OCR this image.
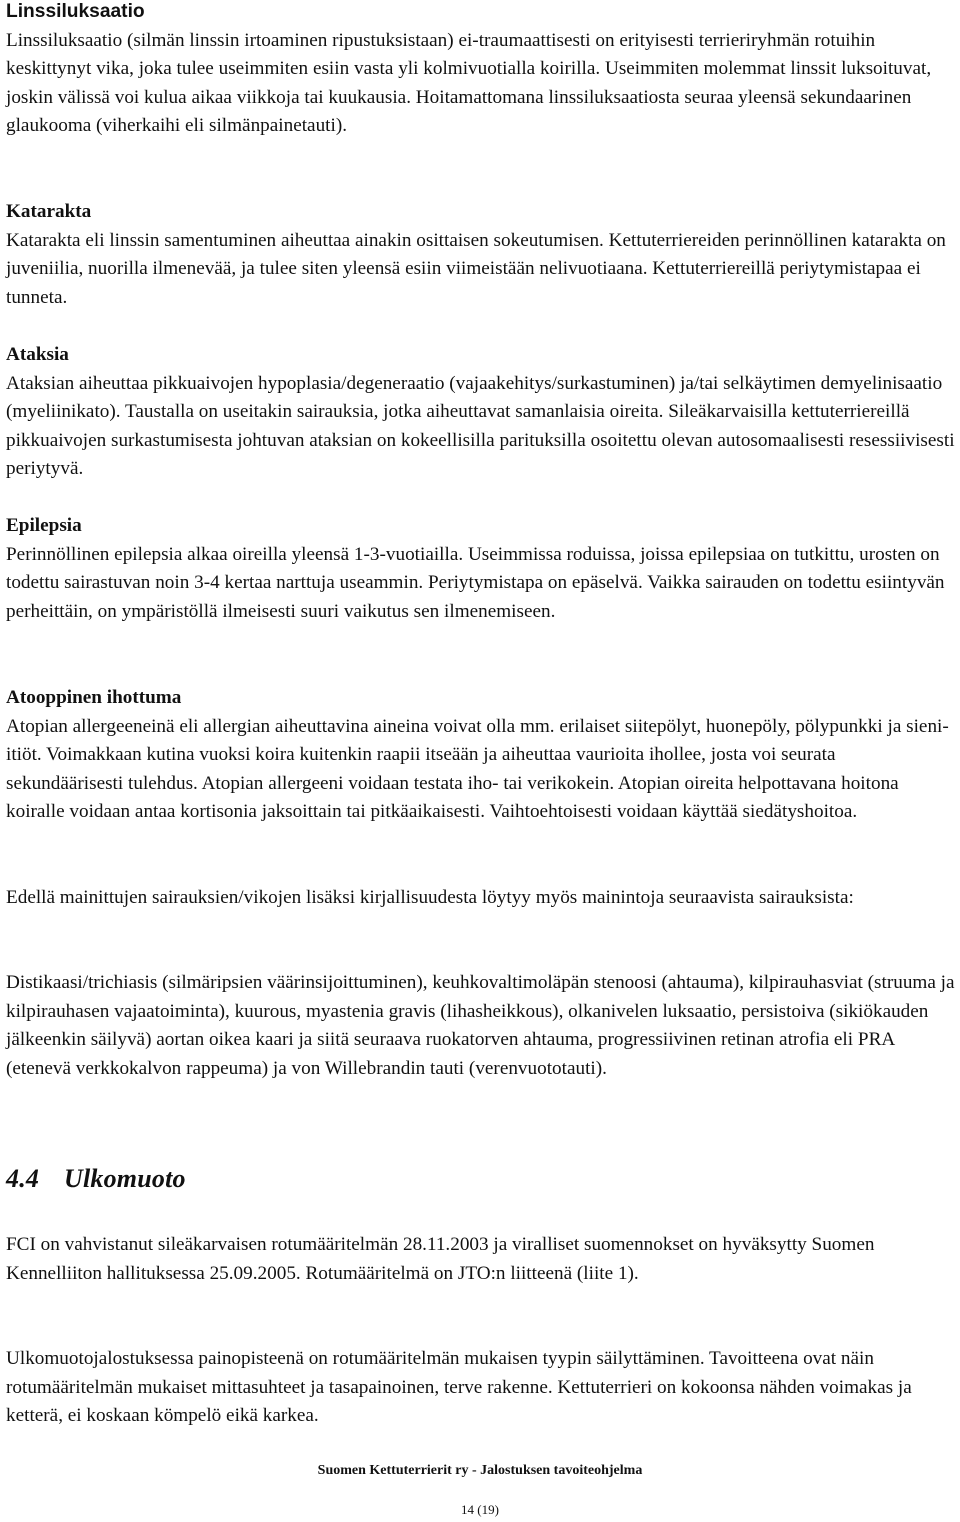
Linssiluksaatio

Linssiluksaatio (silmän linssin irtoaminen ripustuksistaan) ei-traumaattisesti on erityisesti terrieriryhmän rotuihin keskittynyt vika, joka tulee useimmiten esiin vasta yli kolmivuotialla koirilla. Useimmiten molemmat linssit luksoituvat, joskin välissä voi kulua aikaa viikkoja tai kuukausia. Hoitamattomana linssiluksaatiosta seuraa yleensä sekundaarinen glaukooma (viherkaihi eli silmänpainetauti).

Katarakta

Katarakta eli linssin samentuminen aiheuttaa ainakin osittaisen sokeutumisen. Kettuterriereiden perinnöllinen katarakta on juveniilia, nuorilla ilmenevää, ja tulee siten yleensä esiin viimeistään nelivuotiaana. Kettuterriereillä periytymistapaa ei tunneta.

Ataksia

Ataksian aiheuttaa pikkuaivojen hypoplasia/degeneraatio (vajaakehitys/surkastuminen) ja/tai selkäytimen demyelinisaatio (myeliinikato). Taustalla on useitakin sairauksia, jotka aiheuttavat samanlaisia oireita. Sileäkarvaisilla kettuterriereillä pikkuaivojen surkastumisesta johtuvan ataksian on kokeellisilla parituksilla osoitettu olevan autosomaalisesti resessiivisesti periytyvä.

Epilepsia

Perinnöllinen epilepsia alkaa oireilla yleensä 1-3-vuotiailla. Useimmissa roduissa, joissa epilepsiaa on tutkittu, urosten on todettu sairastuvan noin 3-4 kertaa narttuja useammin. Periytymistapa on epäselvä. Vaikka sairauden on todettu esiintyvän perheittäin, on ympäristöllä ilmeisesti suuri vaikutus sen ilmenemiseen.

Atooppinen ihottuma

Atopian allergeeneinä eli allergian aiheuttavina aineina voivat olla mm. erilaiset siitepölyt, huonepöly, pölypunkki ja sieni-itiöt. Voimakkaan kutina vuoksi koira kuitenkin raapii itseään ja aiheuttaa vaurioita ihollee, josta voi seurata sekundäärisesti tulehdus. Atopian allergeeni voidaan testata iho- tai verikokein. Atopian oireita helpottavana hoitona koiralle voidaan antaa kortisonia jaksoittain tai pitkäaikaisesti. Vaihtoehtoisesti voidaan käyttää siedätyshoitoa.

Edellä mainittujen sairauksien/vikojen lisäksi kirjallisuudesta löytyy myös mainintoja seuraavista sairauksista:

Distikaasi/trichiasis (silmäripsien väärinsijoittuminen), keuhkovaltimoläpän stenoosi (ahtauma), kilpirauhasviat (struuma ja kilpirauhasen vajaatoiminta), kuurous, myastenia gravis (lihasheikkous), olkanivelen luksaatio, persistoiva (sikiökauden jälkeenkin säilyvä) aortan oikea kaari ja siitä seuraava ruokatorven ahtauma, progressiivinen retinan atrofia eli PRA (etenevä verkkokalvon rappeuma) ja von Willebrandin tauti (verenvuototauti).

4.4 Ulkomuoto

FCI on vahvistanut sileäkarvaisen rotumääritelmän 28.11.2003 ja viralliset suomennokset on hyväksytty Suomen Kennelliiton hallituksessa 25.09.2005. Rotumääritelmä on JTO:n liitteenä (liite 1).

Ulkomuotojalostuksessa painopisteenä on rotumääritelmän mukaisen tyypin säilyttäminen. Tavoitteena ovat näin rotumääritelmän mukaiset mittasuhteet ja tasapainoinen, terve rakenne. Kettuterrieri on kokoonsa nähden voimakas ja ketterä, ei koskaan kömpelö eikä karkea.

Suomen Kettuterrierit ry - Jalostuksen tavoiteohjelma

14 (19)
